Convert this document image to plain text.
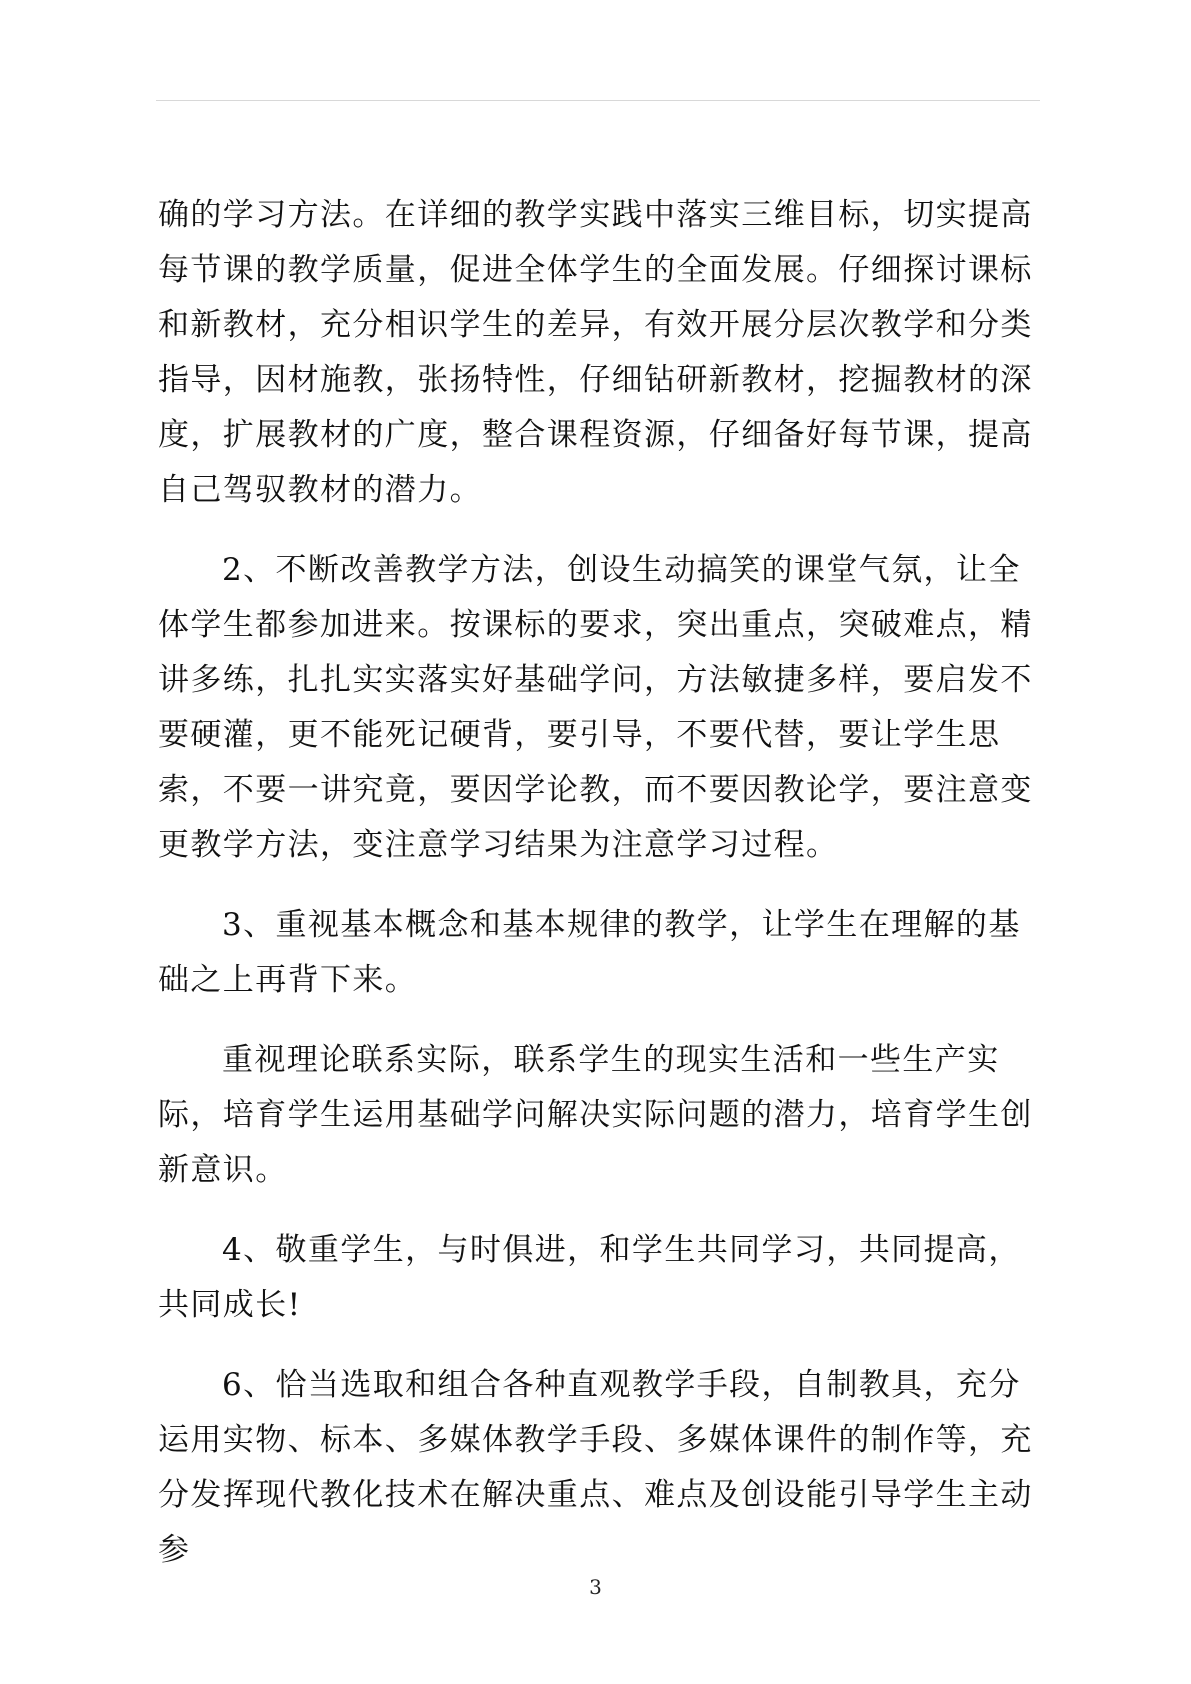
确的学习方法。在详细的教学实践中落实三维目标，切实提高每节课的教学质量，促进全体学生的全面发展。仔细探讨课标和新教材，充分相识学生的差异，有效开展分层次教学和分类指导，因材施教，张扬特性，仔细钻研新教材，挖掘教材的深度，扩展教材的广度，整合课程资源，仔细备好每节课，提高自己驾驭教材的潜力。

2、不断改善教学方法，创设生动搞笑的课堂气氛，让全体学生都参加进来。按课标的要求，突出重点，突破难点，精讲多练，扎扎实实落实好基础学问，方法敏捷多样，要启发不要硬灌，更不能死记硬背，要引导，不要代替，要让学生思索，不要一讲究竟，要因学论教，而不要因教论学，要注意变更教学方法，变注意学习结果为注意学习过程。

3、重视基本概念和基本规律的教学，让学生在理解的基础之上再背下来。

重视理论联系实际，联系学生的现实生活和一些生产实际，培育学生运用基础学问解决实际问题的潜力，培育学生创新意识。

4、敬重学生，与时俱进，和学生共同学习，共同提高，共同成长!

6、恰当选取和组合各种直观教学手段，自制教具，充分运用实物、标本、多媒体教学手段、多媒体课件的制作等，充分发挥现代教化技术在解决重点、难点及创设能引导学生主动参

3
